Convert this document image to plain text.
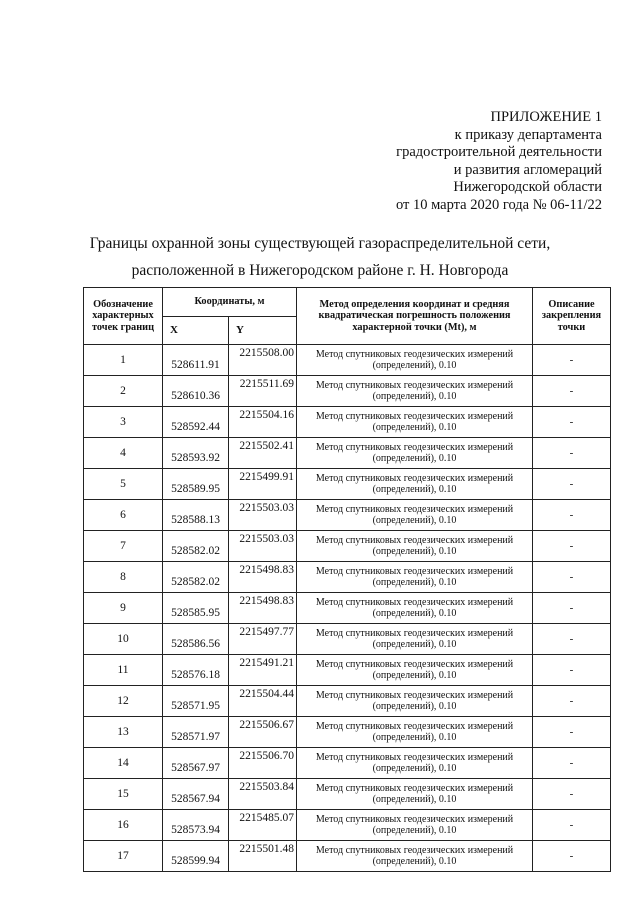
ПРИЛОЖЕНИЕ 1
к приказу департамента
градостроительной деятельности
и развития агломераций
Нижегородской области
от 10 марта 2020 года № 06-11/22
Границы охранной зоны существующей газораспределительной сети,
расположенной в Нижегородском районе г. Н. Новгорода
Обозначение характерных точек границ	Координаты, м		Метод определения координат и средняя квадратическая погрешность положения характерной точки (Mt), м	Описание закрепления точки
	X	Y		
1	528611.91	2215508.00	Метод спутниковых геодезических измерений (определений), 0.10	-
2	528610.36	2215511.69	Метод спутниковых геодезических измерений (определений), 0.10	-
3	528592.44	2215504.16	Метод спутниковых геодезических измерений (определений), 0.10	-
4	528593.92	2215502.41	Метод спутниковых геодезических измерений (определений), 0.10	-
5	528589.95	2215499.91	Метод спутниковых геодезических измерений (определений), 0.10	-
6	528588.13	2215503.03	Метод спутниковых геодезических измерений (определений), 0.10	-
7	528582.02	2215503.03	Метод спутниковых геодезических измерений (определений), 0.10	-
8	528582.02	2215498.83	Метод спутниковых геодезических измерений (определений), 0.10	-
9	528585.95	2215498.83	Метод спутниковых геодезических измерений (определений), 0.10	-
10	528586.56	2215497.77	Метод спутниковых геодезических измерений (определений), 0.10	-
11	528576.18	2215491.21	Метод спутниковых геодезических измерений (определений), 0.10	-
12	528571.95	2215504.44	Метод спутниковых геодезических измерений (определений), 0.10	-
13	528571.97	2215506.67	Метод спутниковых геодезических измерений (определений), 0.10	-
14	528567.97	2215506.70	Метод спутниковых геодезических измерений (определений), 0.10	-
15	528567.94	2215503.84	Метод спутниковых геодезических измерений (определений), 0.10	-
16	528573.94	2215485.07	Метод спутниковых геодезических измерений (определений), 0.10	-
17	528599.94	2215501.48	Метод спутниковых геодезических измерений (определений), 0.10	-
